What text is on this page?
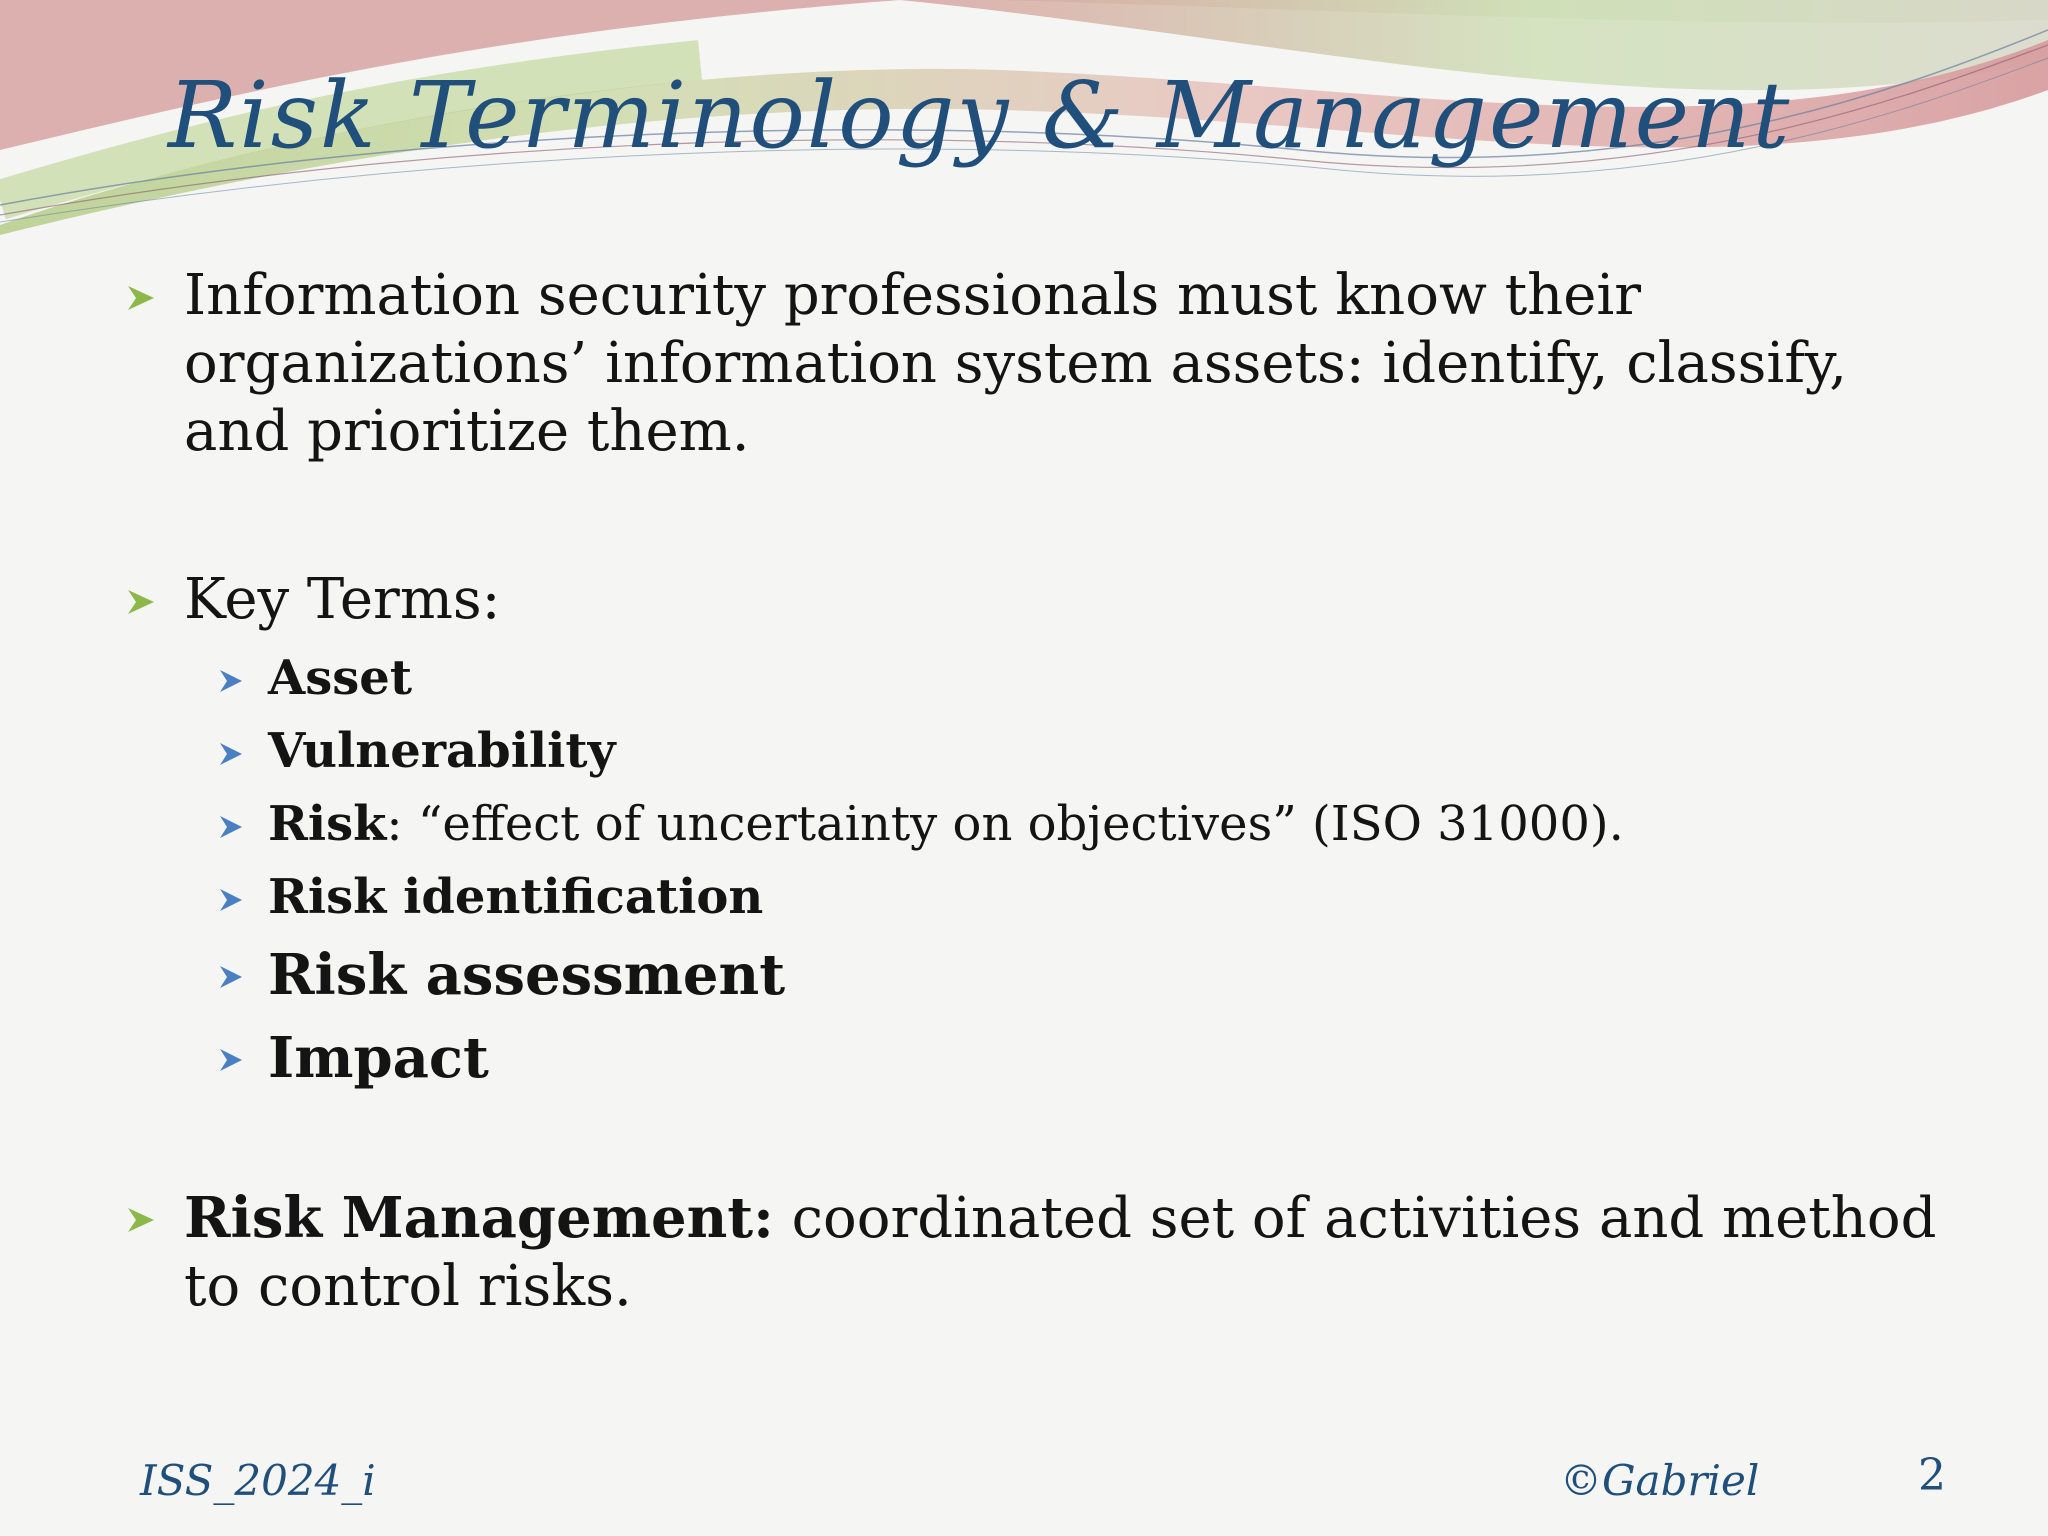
Risk Terminology & Management
Information security professionals must know their organizations’ information system assets: identify, classify, and prioritize them.
Key Terms:
Asset
Vulnerability
Risk: “effect of uncertainty on objectives” (ISO 31000).
Risk identification
Risk assessment
Impact
Risk Management: coordinated set of activities and method to control risks.
ISS_2024_i	©Gabriel	2
